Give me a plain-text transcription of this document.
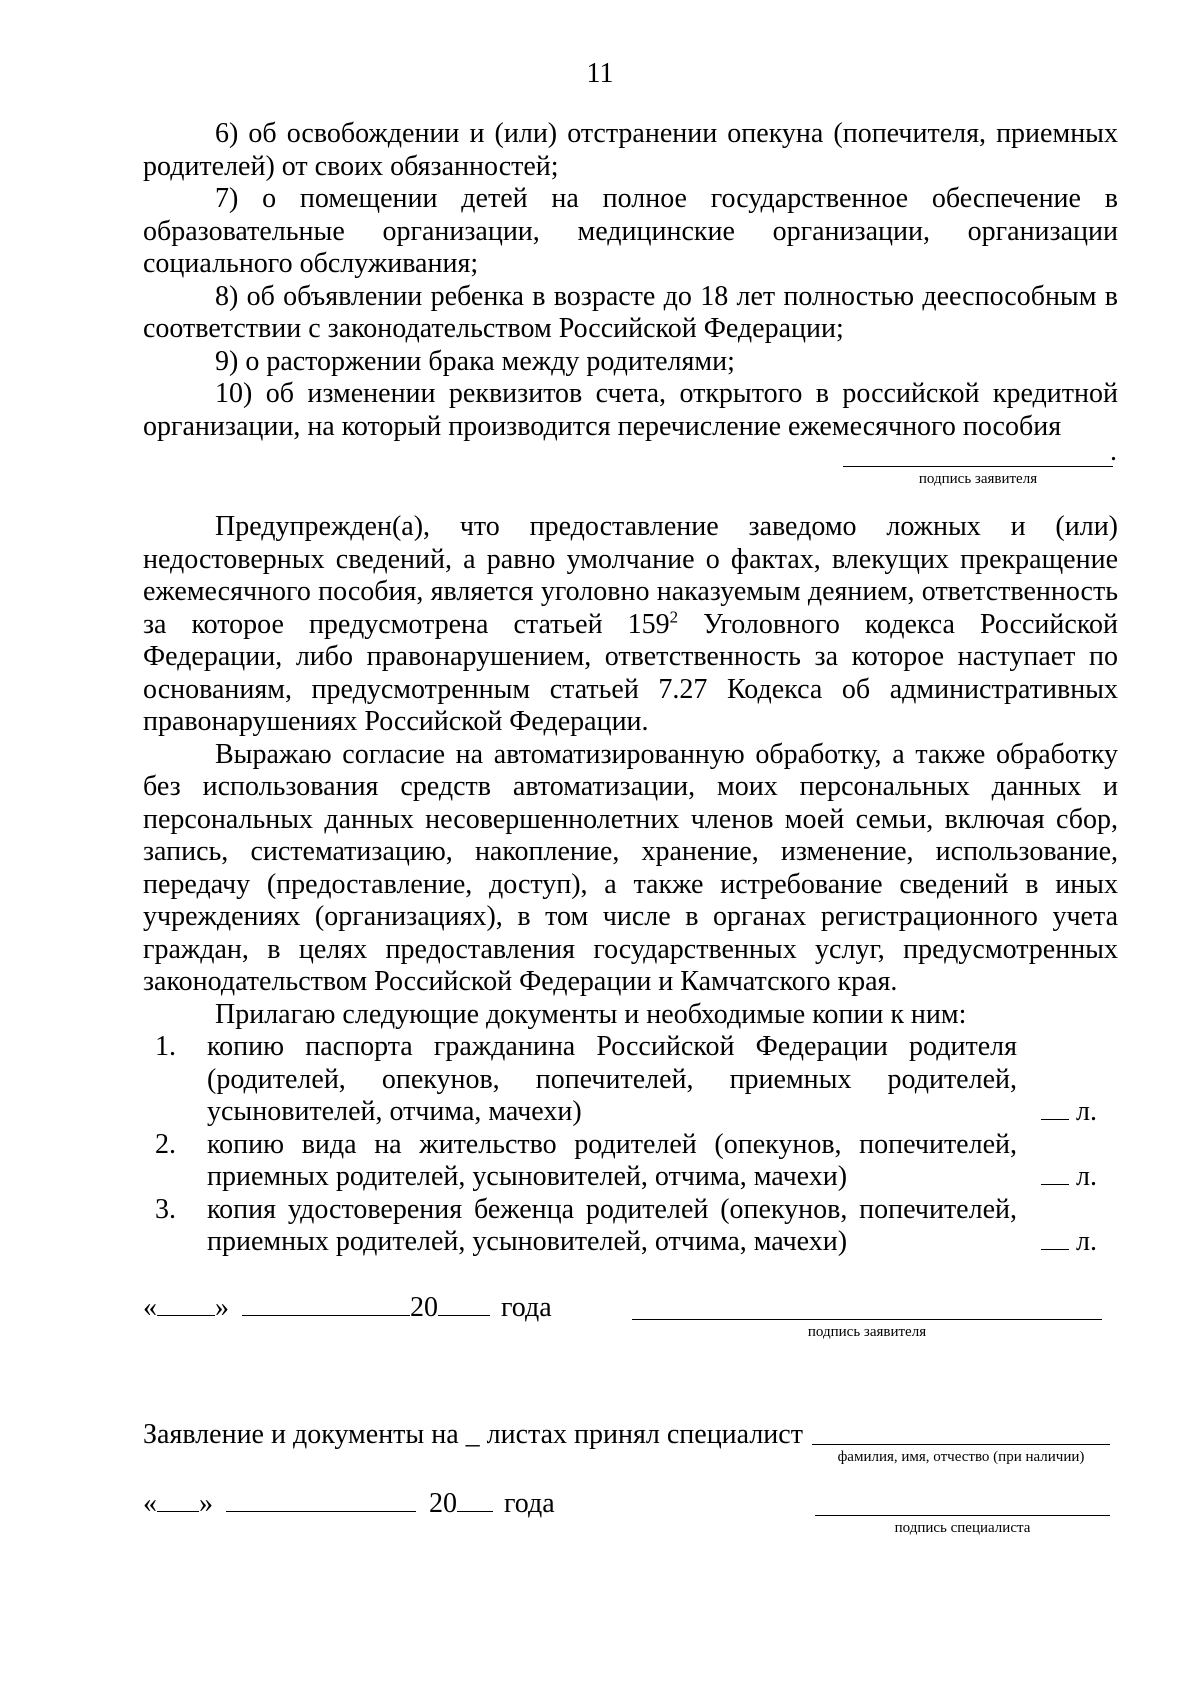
11

6) об освобождении и (или) отстранении опекуна (попечителя, приемных родителей) от своих обязанностей;

7) о помещении детей на полное государственное обеспечение в образовательные организации, медицинские организации, организации социального обслуживания;

8) об объявлении ребенка в возрасте до 18 лет полностью дееспособным в соответствии с законодательством Российской Федерации;

9) о расторжении брака между родителями;

10) об изменении реквизитов счета, открытого в российской кредитной организации, на который производится перечисление ежемесячного пособия

подпись заявителя
.

Предупрежден(а), что предоставление заведомо ложных и (или) недостоверных сведений, а равно умолчание о фактах, влекущих прекращение ежемесячного пособия, является уголовно наказуемым деянием, ответственность за которое предусмотрена статьей $159^2$ Уголовного кодекса Российской Федерации, либо правонарушением, ответственность за которое наступает по основаниям, предусмотренным статьей 7.27 Кодекса об административных правонарушениях Российской Федерации.

Выражаю согласие на автоматизированную обработку, а также обработку без использования средств автоматизации, моих персональных данных и персональных данных несовершеннолетних членов моей семьи, включая сбор, запись, систематизацию, накопление, хранение, изменение, использование, передачу (предоставление, доступ), а также истребование сведений в иных учреждениях (организациях), в том числе в органах регистрационного учета граждан, в целях предоставления государственных услуг, предусмотренных законодательством Российской Федерации и Камчатского края.

Прилагаю следующие документы и необходимые копии к ним:

1.	копию паспорта гражданина Российской Федерации родителя (родителей, опекунов, попечителей, приемных родителей, усыновителей, отчима, мачехи)	л.
2.	копию вида на жительство родителей (опекунов, попечителей, приемных родителей, усыновителей, отчима, мачехи)	л.
3.	копия удостоверения беженца родителей (опекунов, попечителей, приемных родителей, усыновителей, отчима, мачехи)	л.
« »	20 года
подпись заявителя
Заявление и документы на _ листах принял специалист
фамилия, имя, отчество (при наличии)
« »	20 года
подпись специалиста
